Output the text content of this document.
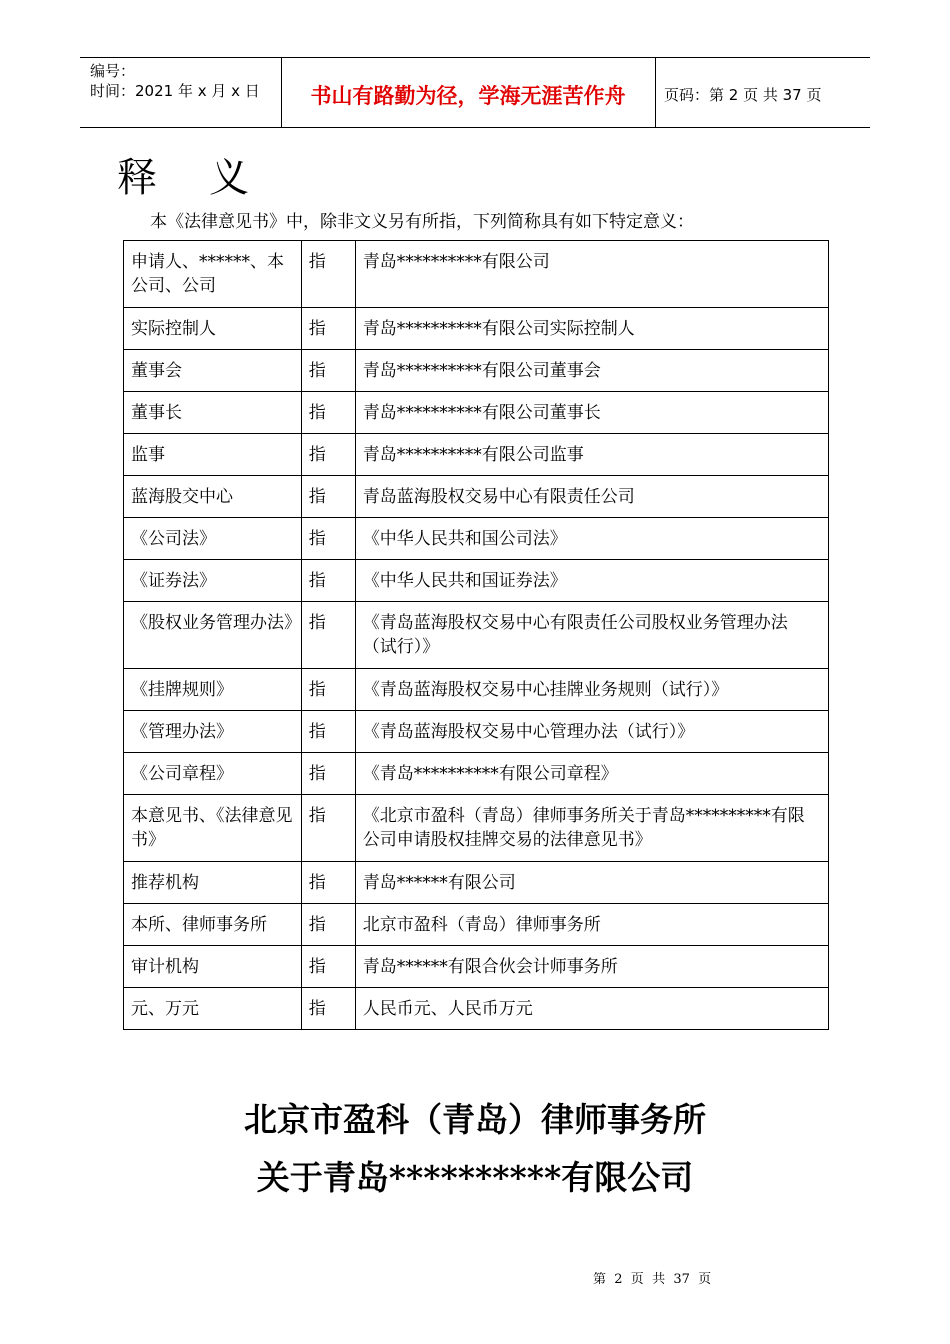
编号：
时间：2021 年 x 月 x 日	书山有路勤为径，学海无涯苦作舟	页码：第 2 页 共 37 页
释 义
本《法律意见书》中，除非文义另有所指，下列简称具有如下特定意义：
申请人、******、本公司、公司	指	青岛**********有限公司
实际控制人	指	青岛**********有限公司实际控制人
董事会	指	青岛**********有限公司董事会
董事长	指	青岛**********有限公司董事长
监事	指	青岛**********有限公司监事
蓝海股交中心	指	青岛蓝海股权交易中心有限责任公司
《公司法》	指	《中华人民共和国公司法》
《证券法》	指	《中华人民共和国证券法》
《股权业务管理办法》	指	《青岛蓝海股权交易中心有限责任公司股权业务管理办法（试行）》
《挂牌规则》	指	《青岛蓝海股权交易中心挂牌业务规则（试行）》
《管理办法》	指	《青岛蓝海股权交易中心管理办法（试行）》
《公司章程》	指	《青岛**********有限公司章程》
本意见书、《法律意见书》	指	《北京市盈科（青岛）律师事务所关于青岛**********有限公司申请股权挂牌交易的法律意见书》
推荐机构	指	青岛******有限公司
本所、律师事务所	指	北京市盈科（青岛）律师事务所
审计机构	指	青岛******有限合伙会计师事务所
元、万元	指	人民币元、人民币万元
北京市盈科（青岛）律师事务所
关于青岛**********有限公司
第  2  页  共  37  页
